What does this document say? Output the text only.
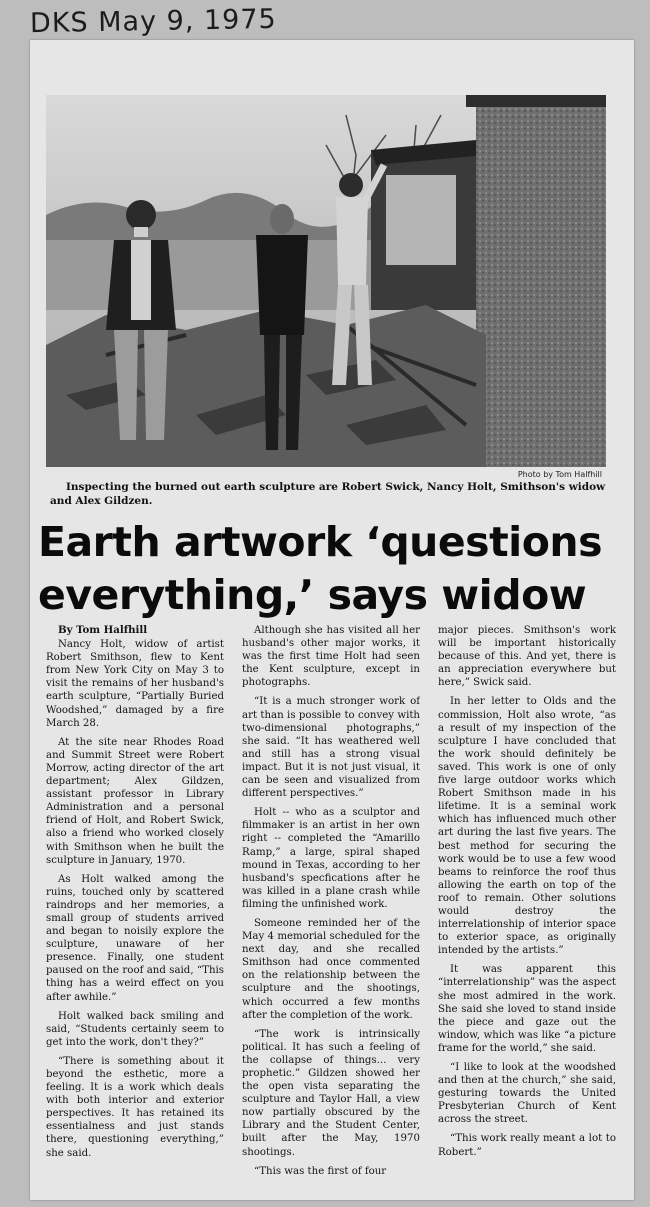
DKS May 9, 1975
Photo by Tom Halfhill
Inspecting the burned out earth sculpture are Robert Swick, Nancy Holt, Smithson's widow and Alex Gildzen.
Earth artwork ‘questions
everything,’ says widow
By Tom Halfhill

Nancy Holt, widow of artist Robert Smithson, flew to Kent from New York City on May 3 to visit the remains of her husband's earth sculpture, “Partially Buried Woodshed,” damaged by a fire March 28.

At the site near Rhodes Road and Summit Street were Robert Morrow, acting director of the art department; Alex Gildzen, assistant professor in Library Administration and a personal friend of Holt, and Robert Swick, also a friend who worked closely with Smithson when he built the sculpture in January, 1970.

As Holt walked among the ruins, touched only by scattered raindrops and her memories, a small group of students arrived and began to noisily explore the sculpture, unaware of her presence. Finally, one student paused on the roof and said, “This thing has a weird effect on you after awhile.”

Holt walked back smiling and said, “Students certainly seem to get into the work, don't they?”

“There is something about it beyond the esthetic, more a feeling. It is a work which deals with both interior and exterior perspectives. It has retained its essentialness and just stands there, questioning everything,” she said.

Although she has visited all her husband's other major works, it was the first time Holt had seen the Kent sculpture, except in photographs.

“It is a much stronger work of art than is possible to convey with two-dimensional photographs,” she said. “It has weathered well and still has a strong visual impact. But it is not just visual, it can be seen and visualized from different perspectives.”

Holt -- who as a sculptor and filmmaker is an artist in her own right -- completed the “Amarillo Ramp,” a large, spiral shaped mound in Texas, according to her husband's specfications after he was killed in a plane crash while filming the unfinished work.

Someone reminded her of the May 4 memorial scheduled for the next day, and she recalled Smithson had once commented on the relationship between the sculpture and the shootings, which occurred a few months after the completion of the work.

“The work is intrinsically political. It has such a feeling of the collapse of things... very prophetic.” Gildzen showed her the open vista separating the sculpture and Taylor Hall, a view now partially obscured by the Library and the Student Center, built after the May, 1970 shootings.

“This was the first of four

major pieces. Smithson's work will be important historically because of this. And yet, there is an appreciation everywhere but here,” Swick said.

In her letter to Olds and the commission, Holt also wrote, “as a result of my inspection of the sculpture I have concluded that the work should definitely be saved. This work is one of only five large outdoor works which Robert Smithson made in his lifetime. It is a seminal work which has influenced much other art during the last five years. The best method for securing the work would be to use a few wood beams to reinforce the roof thus allowing the earth on top of the roof to remain. Other solutions would destroy the interrelationship of interior space to exterior space, as originally intended by the artists.”

It was apparent this “interrelationship” was the aspect she most admired in the work. She said she loved to stand inside the piece and gaze out the window, which was like “a picture frame for the world,” she said.

“I like to look at the woodshed and then at the church,” she said, gesturing towards the United Presbyterian Church of Kent across the street.

“This work really meant a lot to Robert.”
